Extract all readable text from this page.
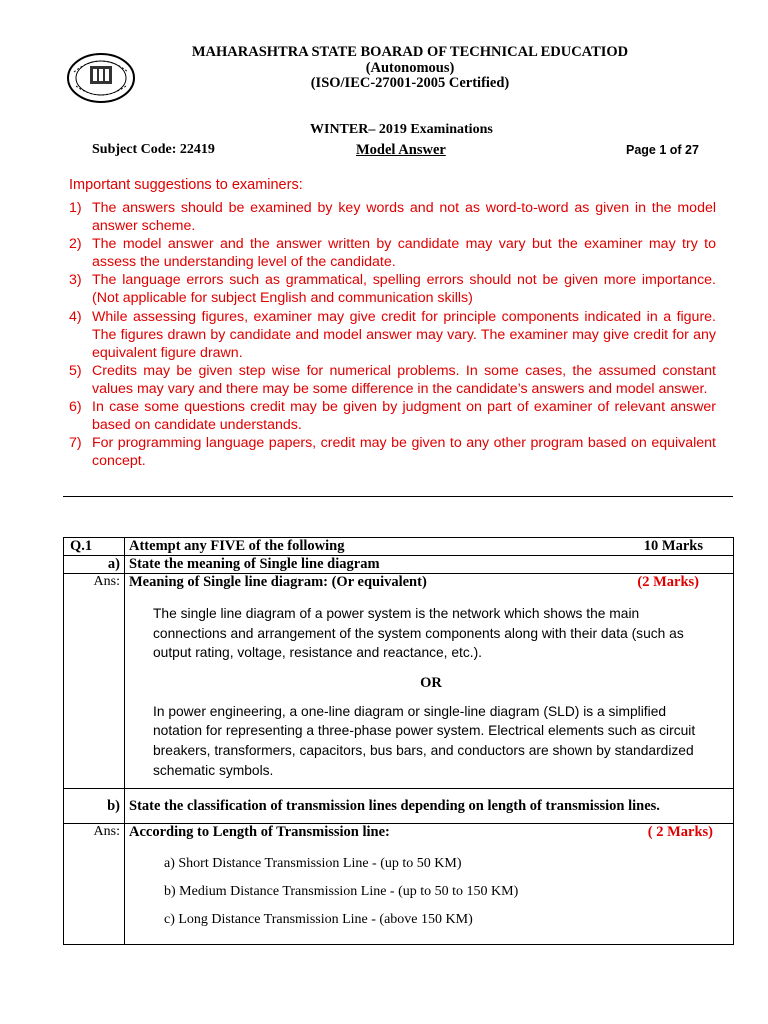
MAHARASHTRA STATE BOARAD OF TECHNICAL EDUCATIOD
(Autonomous)
(ISO/IEC-27001-2005 Certified)
WINTER– 2019 Examinations
Subject Code: 22419	Model Answer	Page 1 of 27
Important suggestions to examiners:
1) The answers should be examined by key words and not as word-to-word as given in the model answer scheme.
2) The model answer and the answer written by candidate may vary but the examiner may try to assess the understanding level of the candidate.
3) The language errors such as grammatical, spelling errors should not be given more importance. (Not applicable for subject English and communication skills)
4) While assessing figures, examiner may give credit for principle components indicated in a figure. The figures drawn by candidate and model answer may vary. The examiner may give credit for any equivalent figure drawn.
5) Credits may be given step wise for numerical problems. In some cases, the assumed constant values may vary and there may be some difference in the candidate’s answers and model answer.
6) In case some questions credit may be given by judgment on part of examiner of relevant answer based on candidate understands.
7) For programming language papers, credit may be given to any other program based on equivalent concept.
Q.1	Attempt any FIVE of the following 10 Marks

a)	State the meaning of Single line diagram
Ans:	Meaning of Single line diagram: (Or equivalent) (2 Marks)

The single line diagram of a power system is the network which shows the main connections and arrangement of the system components along with their data (such as output rating, voltage, resistance and reactance, etc.).

OR

In power engineering, a one-line diagram or single-line diagram (SLD) is a simplified notation for representing a three-phase power system. Electrical elements such as circuit breakers, transformers, capacitors, bus bars, and conductors are shown by standardized schematic symbols.

b)	State the classification of transmission lines depending on length of transmission lines.
Ans:	According to Length of Transmission line: ( 2 Marks)
a) Short Distance Transmission Line - (up to 50 KM)
b) Medium Distance Transmission Line - (up to 50 to 150 KM)
c) Long Distance Transmission Line - (above 150 KM)
